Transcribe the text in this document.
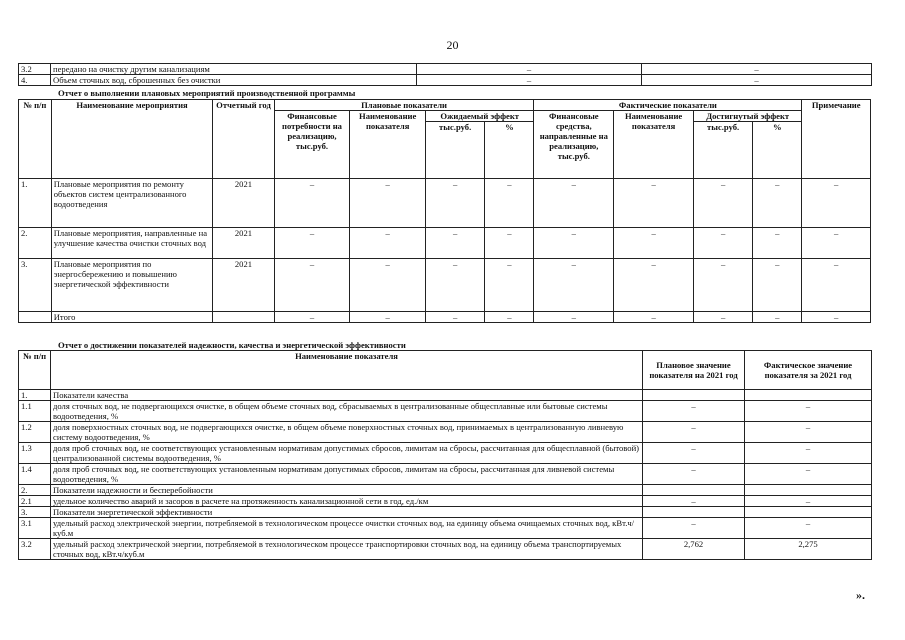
20
3.2	передано на очистку другим канализациям	–	–
4.	Объем сточных вод, сброшенных без очистки	–	–
Отчет о выполнении плановых мероприятий производственной программы
№ п/п	Наименование мероприятия	Отчетный год	Плановые показатели				Фактические показатели				Примечание
			Финансовые потребности на реализацию, тыс.руб.	Наименование показателя	Ожидаемый эффект		Финансовые средства, направленные на реализацию, тыс.руб.	Наименование показателя	Достигнутый эффект		
					тыс.руб.	%			тыс.руб.	%	
1.	Плановые мероприятия по ремонту объектов систем централизованного водоотведения	2021	–	–	–	–	–	–	–	–	–
2.	Плановые мероприятия, направленные на улучшение качества очистки сточных вод	2021	–	–	–	–	–	–	–	–	–
3.	Плановые мероприятия по энергосбережению и повышению энергетической эффективности	2021	–	–	–	–	–	–	–	–	–
	Итого		–	–	–	–	–	–	–	–	–
Отчет о достижении показателей надежности, качества и энергетической эффективности
№ п/п	Наименование показателя	Плановое значение показателя на 2021 год	Фактическое значение показателя за 2021 год
1.	Показатели качества		
1.1	доля сточных вод, не подвергающихся очистке, в общем объеме сточных вод, сбрасываемых в централизованные общесплавные или бытовые системы водоотведения, %	–	–
1.2	доля поверхностных сточных вод, не подвергающихся очистке, в общем объеме поверхностных сточных вод, принимаемых в централизованную ливневую систему водоотведения, %	–	–
1.3	доля проб сточных вод, не соответствующих установленным нормативам допустимых сбросов, лимитам на сбросы, рассчитанная для общесплавной (бытовой) централизованной системы водоотведения, %	–	–
1.4	доля проб сточных вод, не соответствующих установленным нормативам допустимых сбросов, лимитам на сбросы, рассчитанная для ливневой системы водоотведения, %	–	–
2.	Показатели надежности и бесперебойности		
2.1	удельное количество аварий и засоров в расчете на протяженность канализационной сети в год, ед./км	–	–
3.	Показатели энергетической эффективности		
3.1	удельный расход электрической энергии, потребляемой в технологическом процессе очистки сточных вод, на единицу объема очищаемых сточных вод, кВт.ч/куб.м	–	–
3.2	удельный расход электрической энергии, потребляемой в технологическом процессе транспортировки сточных вод, на единицу объема транспортируемых сточных вод, кВт.ч/куб.м	2,762	2,275
».
